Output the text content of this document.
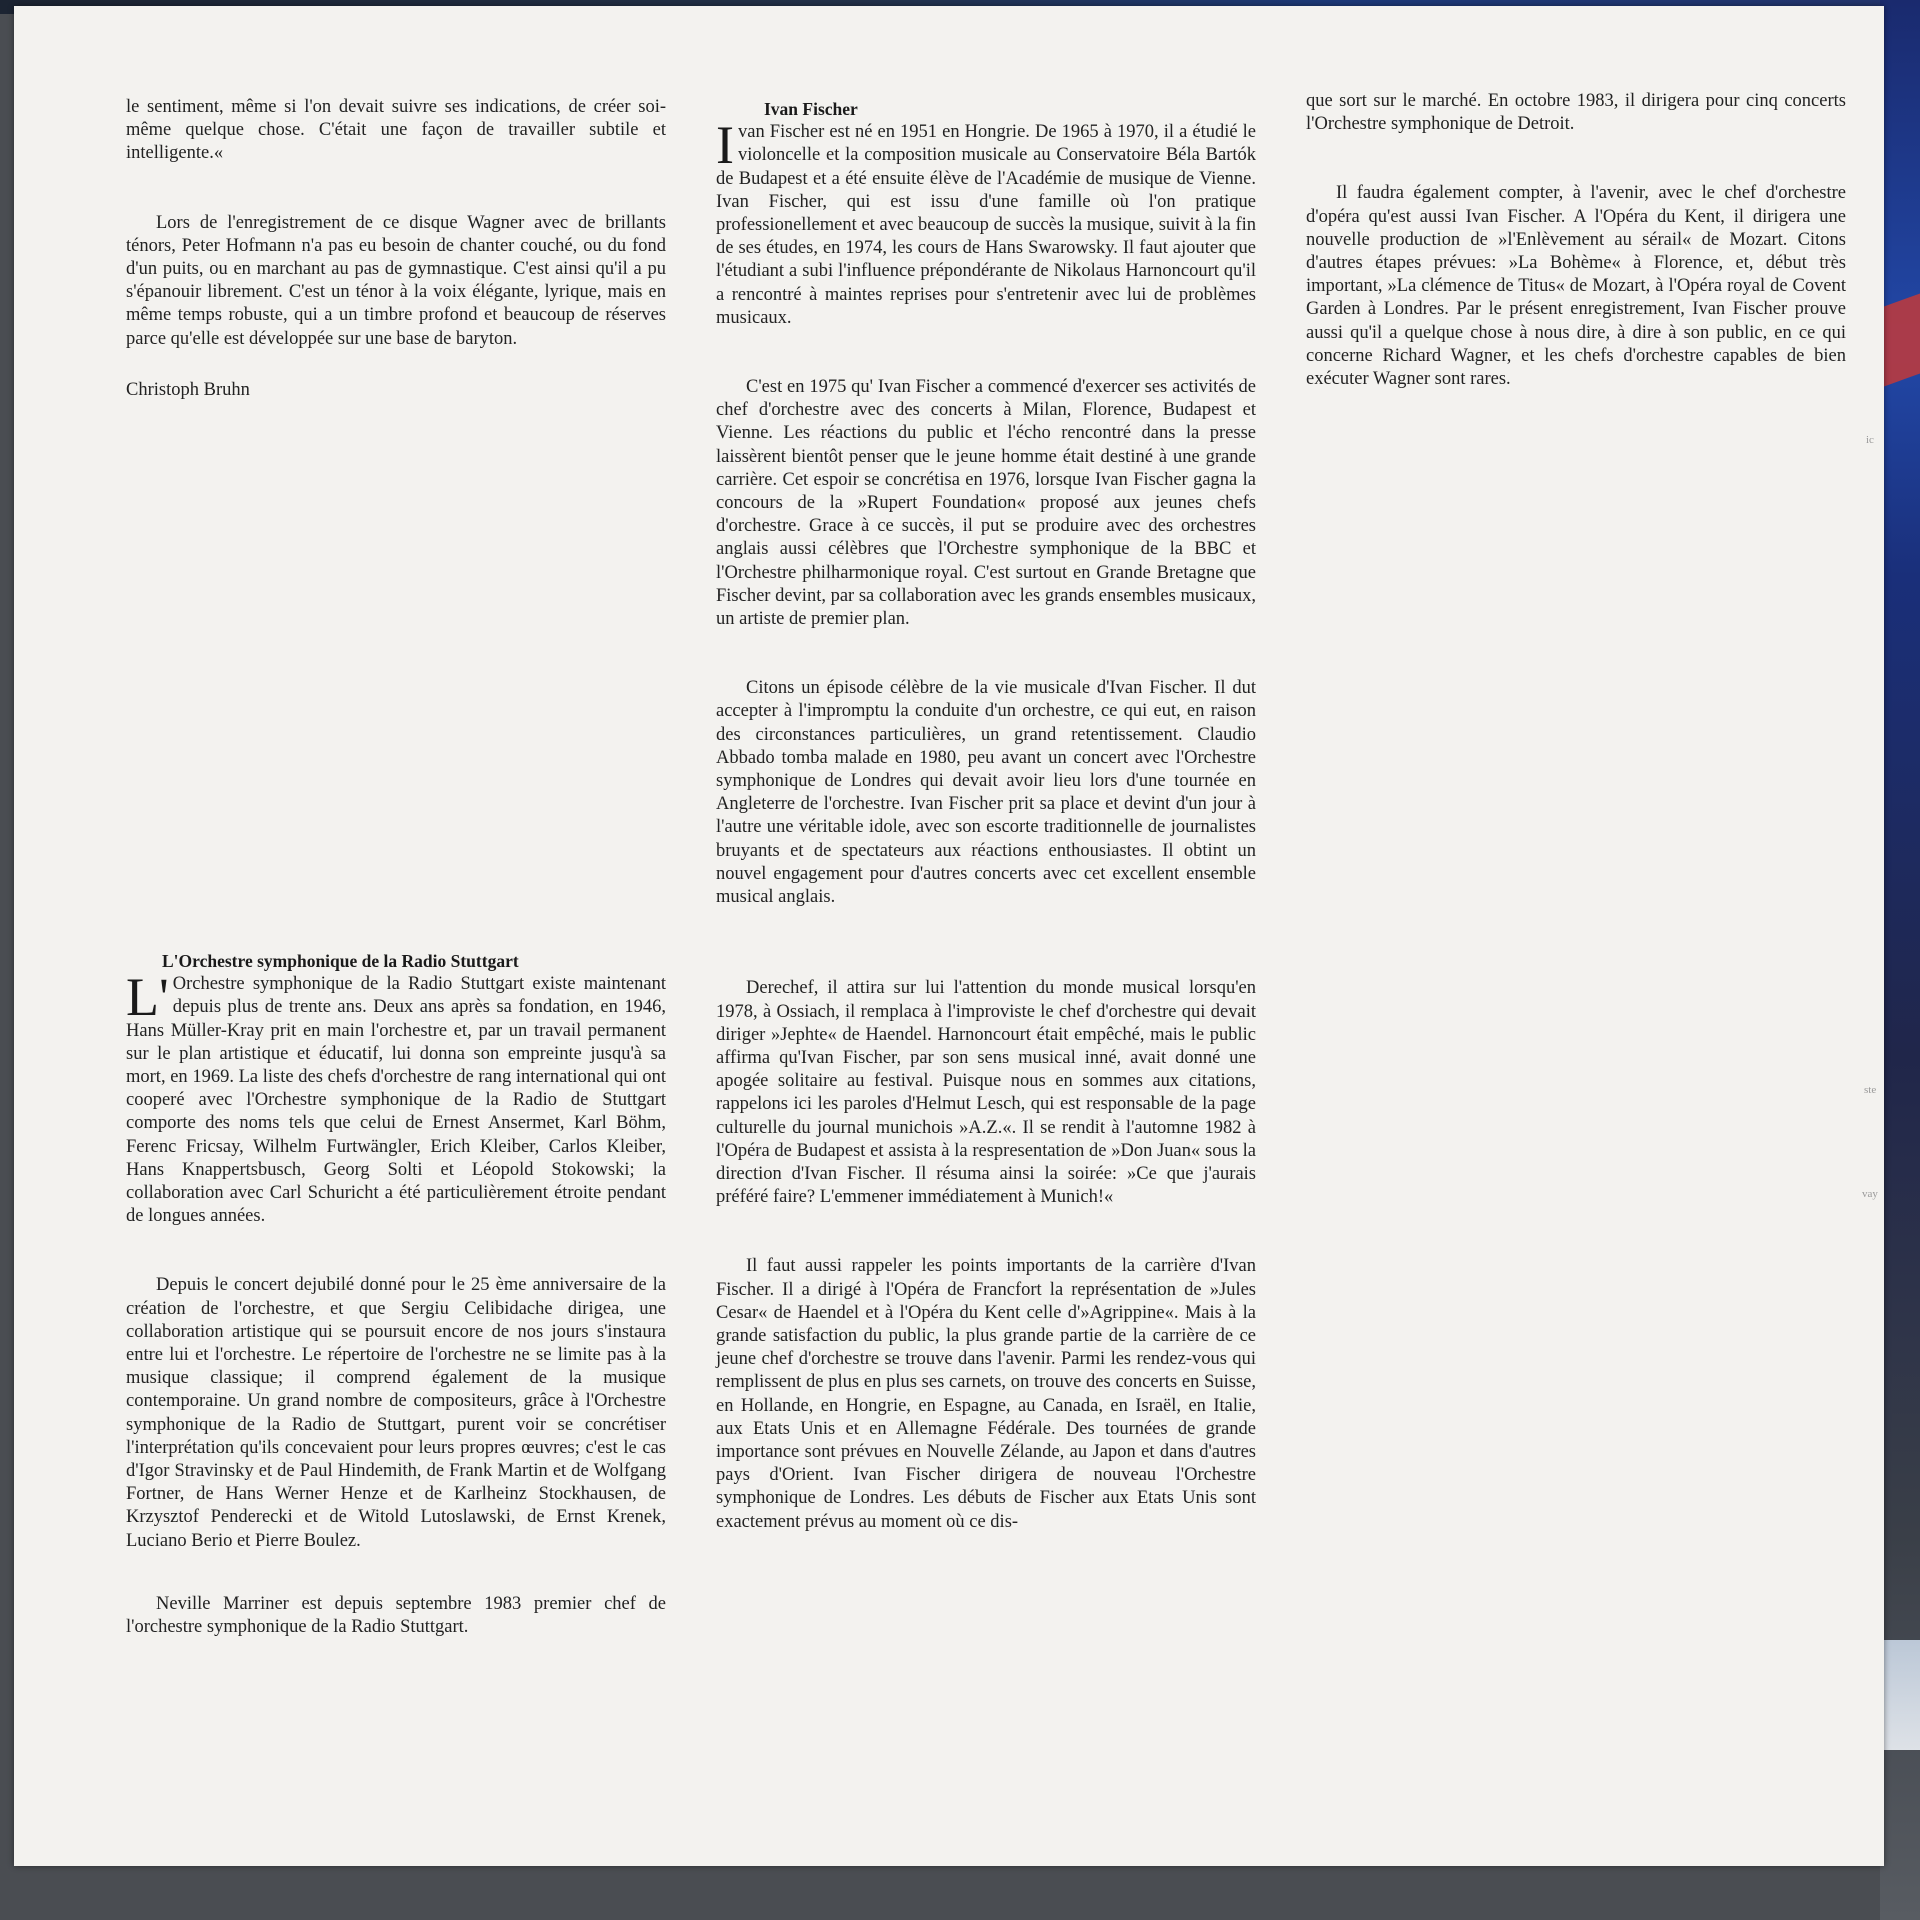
le sentiment, même si l'on devait suivre ses indications, de créer soi-même quelque chose. C'était une façon de travailler subtile et intelligente.«

Lors de l'enregistrement de ce disque Wagner avec de brillants ténors, Peter Hofmann n'a pas eu besoin de chanter couché, ou du fond d'un puits, ou en marchant au pas de gymnastique. C'est ainsi qu'il a pu s'épanouir librement. C'est un ténor à la voix élégante, lyrique, mais en même temps robuste, qui a un timbre profond et beaucoup de réserves parce qu'elle est développée sur une base de baryton.

Christoph Bruhn

L'Orchestre symphonique de la Radio Stuttgart

L' Orchestre symphonique de la Radio Stuttgart existe maintenant depuis plus de trente ans. Deux ans après sa fondation, en 1946, Hans Müller-Kray prit en main l'orchestre et, par un travail permanent sur le plan artistique et éducatif, lui donna son empreinte jusqu'à sa mort, en 1969. La liste des chefs d'orchestre de rang international qui ont cooperé avec l'Orchestre symphonique de la Radio de Stuttgart comporte des noms tels que celui de Ernest Ansermet, Karl Böhm, Ferenc Fricsay, Wilhelm Furtwängler, Erich Kleiber, Carlos Kleiber, Hans Knappertsbusch, Georg Solti et Léopold Stokowski; la collaboration avec Carl Schuricht a été particulièrement étroite pendant de longues années.

Depuis le concert dejubilé donné pour le 25 ème anniversaire de la création de l'orchestre, et que Sergiu Celibidache dirigea, une collaboration artistique qui se poursuit encore de nos jours s'instaura entre lui et l'orchestre. Le répertoire de l'orchestre ne se limite pas à la musique classique; il comprend également de la musique contemporaine. Un grand nombre de compositeurs, grâce à l'Orchestre symphonique de la Radio de Stuttgart, purent voir se concrétiser l'interprétation qu'ils concevaient pour leurs propres œuvres; c'est le cas d'Igor Stravinsky et de Paul Hindemith, de Frank Martin et de Wolfgang Fortner, de Hans Werner Henze et de Karlheinz Stockhausen, de Krzysztof Penderecki et de Witold Lutoslawski, de Ernst Krenek, Luciano Berio et Pierre Boulez.

Neville Marriner est depuis septembre 1983 premier chef de l'orchestre symphonique de la Radio Stuttgart.

Ivan Fischer

I van Fischer est né en 1951 en Hongrie. De 1965 à 1970, il a étudié le violoncelle et la composition musicale au Conservatoire Béla Bartók de Budapest et a été ensuite élève de l'Académie de musique de Vienne. Ivan Fischer, qui est issu d'une famille où l'on pratique professionellement et avec beaucoup de succès la musique, suivit à la fin de ses études, en 1974, les cours de Hans Swarowsky. Il faut ajouter que l'étudiant a subi l'influence prépondérante de Nikolaus Harnoncourt qu'il a rencontré à maintes reprises pour s'entretenir avec lui de problèmes musicaux.

C'est en 1975 qu' Ivan Fischer a commencé d'exercer ses activités de chef d'orchestre avec des concerts à Milan, Florence, Budapest et Vienne. Les réactions du public et l'écho rencontré dans la presse laissèrent bientôt penser que le jeune homme était destiné à une grande carrière. Cet espoir se concrétisa en 1976, lorsque Ivan Fischer gagna la concours de la »Rupert Foundation« proposé aux jeunes chefs d'orchestre. Grace à ce succès, il put se produire avec des orchestres anglais aussi célèbres que l'Orchestre symphonique de la BBC et l'Orchestre philharmonique royal. C'est surtout en Grande Bretagne que Fischer devint, par sa collaboration avec les grands ensembles musicaux, un artiste de premier plan.

Citons un épisode célèbre de la vie musicale d'Ivan Fischer. Il dut accepter à l'impromptu la conduite d'un orchestre, ce qui eut, en raison des circonstances particulières, un grand retentissement. Claudio Abbado tomba malade en 1980, peu avant un concert avec l'Orchestre symphonique de Londres qui devait avoir lieu lors d'une tournée en Angleterre de l'orchestre. Ivan Fischer prit sa place et devint d'un jour à l'autre une véritable idole, avec son escorte traditionnelle de journalistes bruyants et de spectateurs aux réactions enthousiastes. Il obtint un nouvel engagement pour d'autres concerts avec cet excellent ensemble musical anglais.

Derechef, il attira sur lui l'attention du monde musical lorsqu'en 1978, à Ossiach, il remplaca à l'improviste le chef d'orchestre qui devait diriger »Jephte« de Haendel. Harnoncourt était empêché, mais le public affirma qu'Ivan Fischer, par son sens musical inné, avait donné une apogée solitaire au festival. Puisque nous en sommes aux citations, rappelons ici les paroles d'Helmut Lesch, qui est responsable de la page culturelle du journal munichois »A.Z.«. Il se rendit à l'automne 1982 à l'Opéra de Budapest et assista à la respresentation de »Don Juan« sous la direction d'Ivan Fischer. Il résuma ainsi la soirée: »Ce que j'aurais préféré faire? L'emmener immédiatement à Munich!«

Il faut aussi rappeler les points importants de la carrière d'Ivan Fischer. Il a dirigé à l'Opéra de Francfort la représentation de »Jules Cesar« de Haendel et à l'Opéra du Kent celle d'»Agrippine«. Mais à la grande satisfaction du public, la plus grande partie de la carrière de ce jeune chef d'orchestre se trouve dans l'avenir. Parmi les rendez-vous qui remplissent de plus en plus ses carnets, on trouve des concerts en Suisse, en Hollande, en Hongrie, en Espagne, au Canada, en Israël, en Italie, aux Etats Unis et en Allemagne Fédérale. Des tournées de grande importance sont prévues en Nouvelle Zélande, au Japon et dans d'autres pays d'Orient. Ivan Fischer dirigera de nouveau l'Orchestre symphonique de Londres. Les débuts de Fischer aux Etats Unis sont exactement prévus au moment où ce dis-

que sort sur le marché. En octobre 1983, il dirigera pour cinq concerts l'Orchestre symphonique de Detroit.

Il faudra également compter, à l'avenir, avec le chef d'orchestre d'opéra qu'est aussi Ivan Fischer. A l'Opéra du Kent, il dirigera une nouvelle production de »l'Enlèvement au sérail« de Mozart. Citons d'autres étapes prévues: »La Bohème« à Florence, et, début très important, »La clémence de Titus« de Mozart, à l'Opéra royal de Covent Garden à Londres. Par le présent enregistrement, Ivan Fischer prouve aussi qu'il a quelque chose à nous dire, à dire à son public, en ce qui concerne Richard Wagner, et les chefs d'orchestre capables de bien exécuter Wagner sont rares.

ic
ste
vay
